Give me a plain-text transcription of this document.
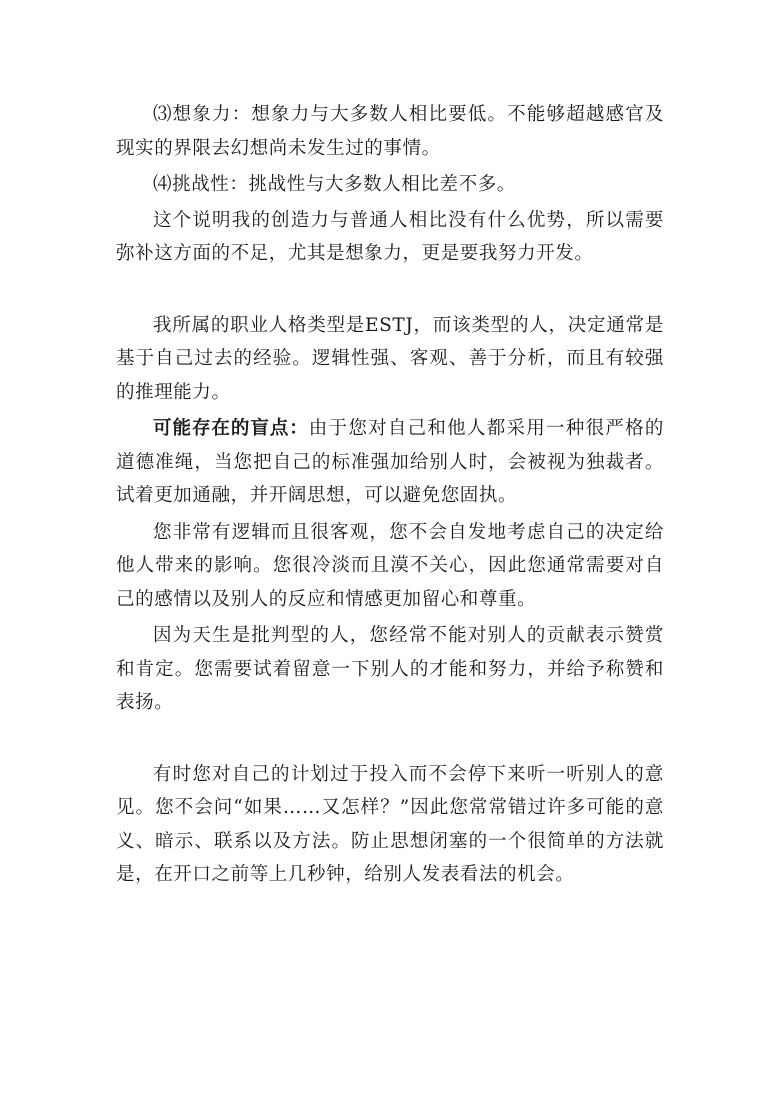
⑶想象力：想象力与大多数人相比要低。不能够超越感官及现实的界限去幻想尚未发生过的事情。

⑷挑战性：挑战性与大多数人相比差不多。

这个说明我的创造力与普通人相比没有什么优势，所以需要弥补这方面的不足，尤其是想象力，更是要我努力开发。

我所属的职业人格类型是ESTJ，而该类型的人，决定通常是基于自己过去的经验。逻辑性强、客观、善于分析，而且有较强的推理能力。

可能存在的盲点：由于您对自己和他人都采用一种很严格的道德准绳，当您把自己的标准强加给别人时，会被视为独裁者。试着更加通融，并开阔思想，可以避免您固执。

您非常有逻辑而且很客观，您不会自发地考虑自己的决定给他人带来的影响。您很冷淡而且漠不关心，因此您通常需要对自己的感情以及别人的反应和情感更加留心和尊重。

因为天生是批判型的人，您经常不能对别人的贡献表示赞赏和肯定。您需要试着留意一下别人的才能和努力，并给予称赞和表扬。

有时您对自己的计划过于投入而不会停下来听一听别人的意见。您不会问“如果……又怎样？”因此您常常错过许多可能的意义、暗示、联系以及方法。防止思想闭塞的一个很简单的方法就是，在开口之前等上几秒钟，给别人发表看法的机会。
